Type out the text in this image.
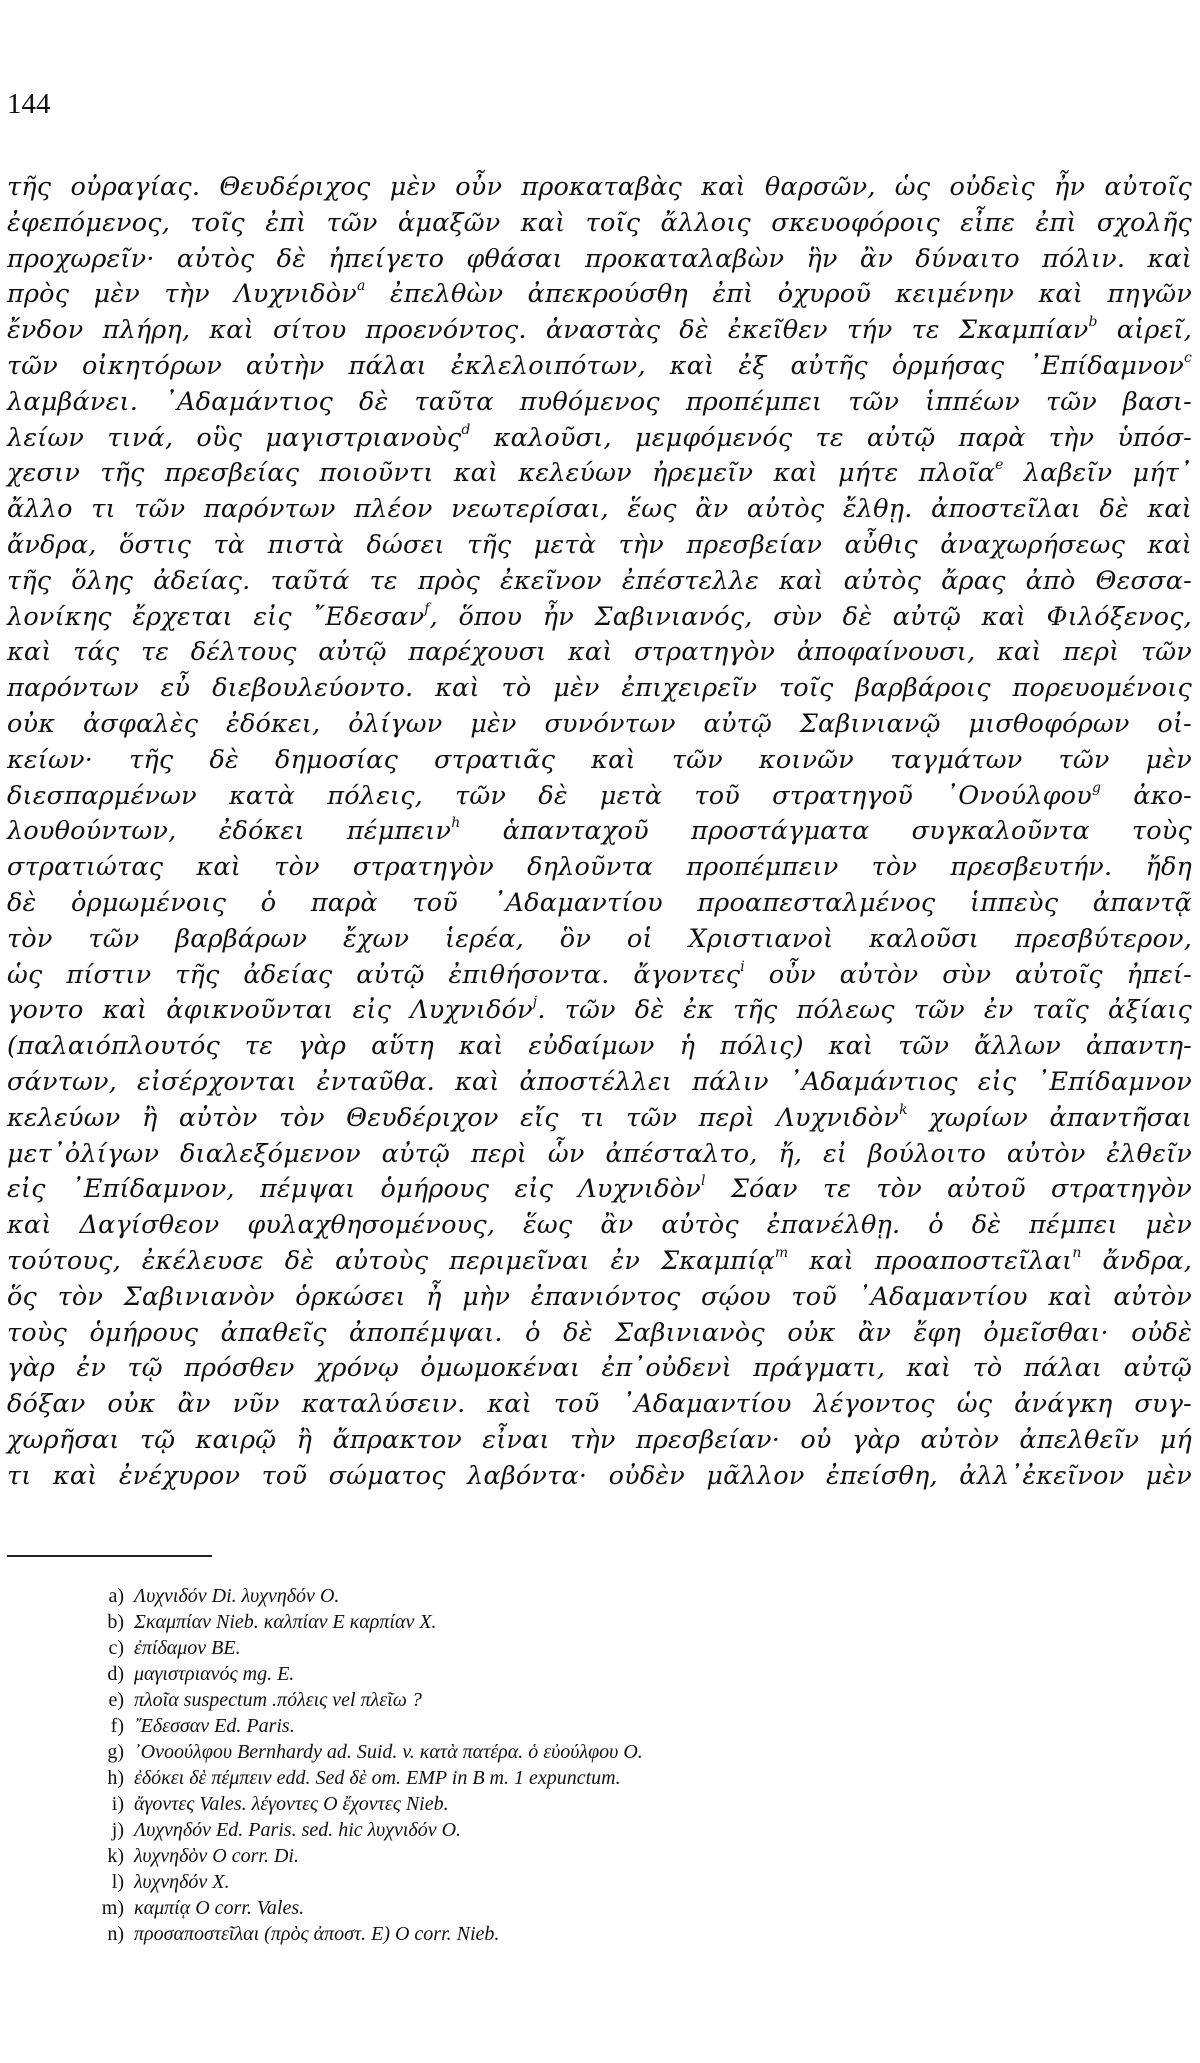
144
τῆς οὐραγίας. Θευδέριχος μὲν οὖν προκαταβὰς καὶ θαρσῶν, ὡς οὐδεὶς ἦν αὐτοῖς
ἐφεπόμενος, τοῖς ἐπὶ τῶν ἁμαξῶν καὶ τοῖς ἄλλοις σκευοφόροις εἶπε ἐπὶ σχολῆς
προχωρεῖν· αὐτὸς δὲ ἠπείγετο φθάσαι προκαταλαβὼν ἣν ἂν δύναιτο πόλιν. καὶ
πρὸς μὲν τὴν Λυχνιδὸν$^a$ ἐπελθὼν ἀπεκρούσθη ἐπὶ ὀχυροῦ κειμένην καὶ πηγῶν
ἔνδον πλήρη, καὶ σίτου προενόντος. ἀναστὰς δὲ ἐκεῖθεν τήν τε Σκαμπίαν$^b$ αἱρεῖ,
τῶν οἰκητόρων αὐτὴν πάλαι ἐκλελοιπότων, καὶ ἐξ αὐτῆς ὁρμήσας ᾿Επίδαμνον$^c$
λαμβάνει. ᾿Αδαμάντιος δὲ ταῦτα πυθόμενος προπέμπει τῶν ἱππέων τῶν βασι-
λείων τινά, οὓς μαγιστριανοὺς$^d$ καλοῦσι, μεμφόμενός τε αὐτῷ παρὰ τὴν ὑπόσ-
χεσιν τῆς πρεσβείας ποιοῦντι καὶ κελεύων ἠρεμεῖν καὶ μήτε πλοῖα$^e$ λαβεῖν μήτ᾿
ἄλλο τι τῶν παρόντων πλέον νεωτερίσαι, ἕως ἂν αὐτὸς ἔλθῃ. ἀποστεῖλαι δὲ καὶ
ἄνδρα, ὅστις τὰ πιστὰ δώσει τῆς μετὰ τὴν πρεσβείαν αὖθις ἀναχωρήσεως καὶ
τῆς ὅλης ἀδείας. ταῦτά τε πρὸς ἐκεῖνον ἐπέστελλε καὶ αὐτὸς ἄρας ἀπὸ Θεσσα-
λονίκης ἔρχεται εἰς ῎Εδεσαν$^f$, ὅπου ἦν Σαβινιανός, σὺν δὲ αὐτῷ καὶ Φιλόξενος,
καὶ τάς τε δέλτους αὐτῷ παρέχουσι καὶ στρατηγὸν ἀποφαίνουσι, καὶ περὶ τῶν
παρόντων εὖ διεβουλεύοντο. καὶ τὸ μὲν ἐπιχειρεῖν τοῖς βαρβάροις πορευομένοις
οὐκ ἀσφαλὲς ἐδόκει, ὀλίγων μὲν συνόντων αὐτῷ Σαβινιανῷ μισθοφόρων οἰ-
κείων· τῆς δὲ δημοσίας στρατιᾶς καὶ τῶν κοινῶν ταγμάτων τῶν μὲν
διεσπαρμένων κατὰ πόλεις, τῶν δὲ μετὰ τοῦ στρατηγοῦ ᾿Ονούλφου$^g$ ἀκο-
λουθούντων, ἐδόκει πέμπειν$^h$ ἁπανταχοῦ προστάγματα συγκαλοῦντα τοὺς
στρατιώτας καὶ τὸν στρατηγὸν δηλοῦντα προπέμπειν τὸν πρεσβευτήν. ἤδη
δὲ ὁρμωμένοις ὁ παρὰ τοῦ ᾿Αδαμαντίου προαπεσταλμένος ἱππεὺς ἀπαντᾷ
τὸν τῶν βαρβάρων ἔχων ἱερέα, ὃν οἱ Χριστιανοὶ καλοῦσι πρεσβύτερον,
ὡς πίστιν τῆς ἀδείας αὐτῷ ἐπιθήσοντα. ἄγοντες$^i$ οὖν αὐτὸν σὺν αὐτοῖς ἠπεί-
γοντο καὶ ἀφικνοῦνται εἰς Λυχνιδόν$^j$. τῶν δὲ ἐκ τῆς πόλεως τῶν ἐν ταῖς ἀξίαις
(παλαιόπλουτός τε γὰρ αὕτη καὶ εὐδαίμων ἡ πόλις) καὶ τῶν ἄλλων ἀπαντη-
σάντων, εἰσέρχονται ἐνταῦθα. καὶ ἀποστέλλει πάλιν ᾿Αδαμάντιος εἰς ᾿Επίδαμνον
κελεύων ἢ αὐτὸν τὸν Θευδέριχον εἴς τι τῶν περὶ Λυχνιδὸν$^k$ χωρίων ἀπαντῆσαι
μετ᾿ὀλίγων διαλεξόμενον αὐτῷ περὶ ὧν ἀπέσταλτο, ἤ, εἰ βούλοιτο αὐτὸν ἐλθεῖν
εἰς ᾿Επίδαμνον, πέμψαι ὁμήρους εἰς Λυχνιδὸν$^l$ Σόαν τε τὸν αὐτοῦ στρατηγὸν
καὶ Δαγίσθεον φυλαχθησομένους, ἕως ἂν αὐτὸς ἐπανέλθῃ. ὁ δὲ πέμπει μὲν
τούτους, ἐκέλευσε δὲ αὐτοὺς περιμεῖναι ἐν Σκαμπίᾳ$^m$ καὶ προαποστεῖλαι$^n$ ἄνδρα,
ὅς τὸν Σαβινιανὸν ὁρκώσει ἦ μὴν ἐπανιόντος σῴου τοῦ ᾿Αδαμαντίου καὶ αὐτὸν
τοὺς ὁμήρους ἀπαθεῖς ἀποπέμψαι. ὁ δὲ Σαβινιανὸς οὐκ ἂν ἔφη ὀμεῖσθαι· οὐδὲ
γὰρ ἐν τῷ πρόσθεν χρόνῳ ὀμωμοκέναι ἐπ᾿οὐδενὶ πράγματι, καὶ τὸ πάλαι αὐτῷ
δόξαν οὐκ ἂν νῦν καταλύσειν. καὶ τοῦ ᾿Αδαμαντίου λέγοντος ὡς ἀνάγκη συγ-
χωρῆσαι τῷ καιρῷ ἢ ἄπρακτον εἶναι τὴν πρεσβείαν· οὐ γὰρ αὐτὸν ἀπελθεῖν μή
τι καὶ ἐνέχυρον τοῦ σώματος λαβόντα· οὐδὲν μᾶλλον ἐπείσθη, ἀλλ᾿ἐκεῖνον μὲν
a) Λυχνιδόν Di. λυχνηδόν O.
b) Σκαμπίαν Nieb. καλπίαν E καρπίαν X.
c) ἐπίδαμον BE.
d) μαγιστριανός mg. E.
e) πλοῖα suspectum .πόλεις vel πλεῖω ?
f) ῎Εδεσσαν Ed. Paris.
g) ᾿Ονοούλφου Bernhardy ad. Suid. v. κατὰ πατέρα. ὁ εὐούλφου O.
h) ἐδόκει δὲ πέμπειν edd. Sed δὲ om. EMP in B m. 1 expunctum.
i) ἄγοντες Vales. λέγοντες O ἔχοντες Nieb.
j) Λυχνηδόν Ed. Paris. sed. hic λυχνιδόν O.
k) λυχνηδὸν O corr. Di.
l) λυχνηδόν X.
m) καμπίᾳ O corr. Vales.
n) προσαποστεῖλαι (πρὸς ἀποστ. E) O corr. Nieb.
